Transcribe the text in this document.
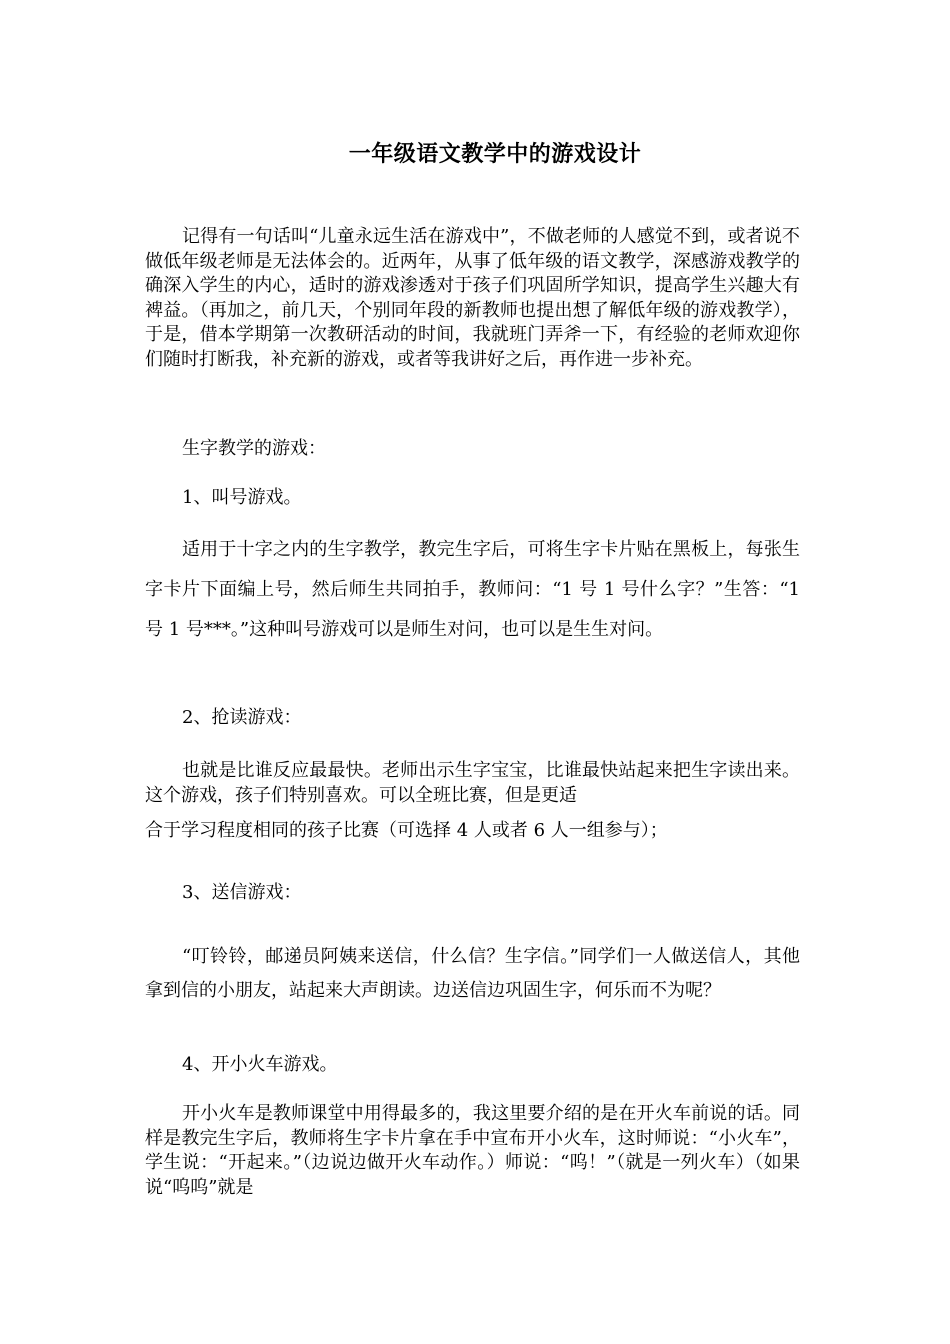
一年级语文教学中的游戏设计

记得有一句话叫“儿童永远生活在游戏中”，不做老师的人感觉不到，或者说不做低年级老师是无法体会的。近两年，从事了低年级的语文教学，深感游戏教学的确深入学生的内心，适时的游戏渗透对于孩子们巩固所学知识，提高学生兴趣大有裨益。（再加之，前几天，个别同年段的新教师也提出想了解低年级的游戏教学），于是，借本学期第一次教研活动的时间，我就班门弄斧一下，有经验的老师欢迎你们随时打断我，补充新的游戏，或者等我讲好之后，再作进一步补充。

生字教学的游戏：

1、叫号游戏。

适用于十字之内的生字教学，教完生字后，可将生字卡片贴在黑板上，每张生字卡片下面编上号，然后师生共同拍手，教师问：“1 号 1 号什么字？”生答：“1 号 1 号***。”这种叫号游戏可以是师生对问，也可以是生生对问。

2、抢读游戏：

也就是比谁反应最最快。老师出示生字宝宝，比谁最快站起来把生字读出来。这个游戏，孩子们特别喜欢。可以全班比赛，但是更适

合于学习程度相同的孩子比赛（可选择 4 人或者 6 人一组参与）；

3、送信游戏：

“叮铃铃，邮递员阿姨来送信，什么信？生字信。”同学们一人做送信人，其他拿到信的小朋友，站起来大声朗读。边送信边巩固生字，何乐而不为呢？

4、开小火车游戏。

开小火车是教师课堂中用得最多的，我这里要介绍的是在开火车前说的话。同样是教完生字后，教师将生字卡片拿在手中宣布开小火车，这时师说：“小火车”，学生说：“开起来。”（边说边做开火车动作。）师说：“呜！”（就是一列火车）（如果说“呜呜”就是
